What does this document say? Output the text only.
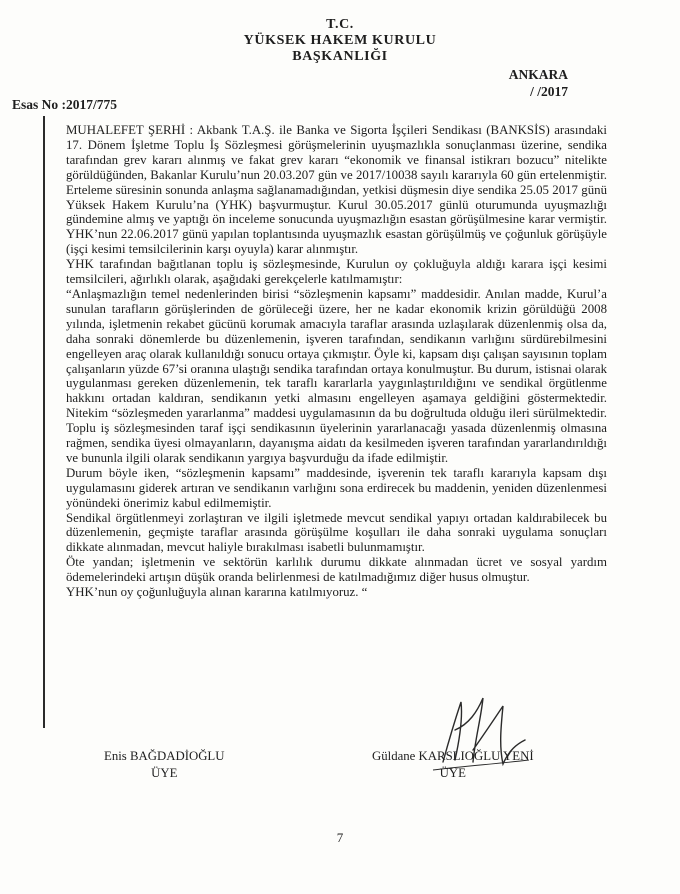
T.C.
YÜKSEK HAKEM KURULU
BAŞKANLIĞI
ANKARA
/ /2017
Esas No :2017/775

MUHALEFET ŞERHİ : Akbank T.A.Ş. ile Banka ve Sigorta İşçileri Sendikası (BANKSİS) arasındaki 17. Dönem İşletme Toplu İş Sözleşmesi görüşmelerinin uyuşmazlıkla sonuçlanması üzerine, sendika tarafından grev kararı alınmış ve fakat grev kararı “ekonomik ve finansal istikrarı bozucu” nitelikte görüldüğünden, Bakanlar Kurulu’nun 20.03.207 gün ve 2017/10038 sayılı kararıyla 60 gün ertelenmiştir. Erteleme süresinin sonunda anlaşma sağlanamadığından, yetkisi düşmesin diye sendika 25.05 2017 günü Yüksek Hakem Kurulu’na (YHK) başvurmuştur. Kurul 30.05.2017 günlü oturumunda uyuşmazlığı gündemine almış ve yaptığı ön inceleme sonucunda uyuşmazlığın esastan görüşülmesine karar vermiştir. YHK’nun 22.06.2017 günü yapılan toplantısında uyuşmazlık esastan görüşülmüş ve çoğunluk görüşüyle (işçi kesimi temsilcilerinin karşı oyuyla) karar alınmıştır.

YHK tarafından bağıtlanan toplu iş sözleşmesinde, Kurulun oy çokluğuyla aldığı karara işçi kesimi temsilcileri, ağırlıklı olarak, aşağıdaki gerekçelerle katılmamıştır:

“Anlaşmazlığın temel nedenlerinden birisi “sözleşmenin kapsamı” maddesidir. Anılan madde, Kurul’a sunulan tarafların görüşlerinden de görüleceği üzere, her ne kadar ekonomik krizin görüldüğü 2008 yılında, işletmenin rekabet gücünü korumak amacıyla taraflar arasında uzlaşılarak düzenlenmiş olsa da, daha sonraki dönemlerde bu düzenlemenin, işveren tarafından, sendikanın varlığını sürdürebilmesini engelleyen araç olarak kullanıldığı sonucu ortaya çıkmıştır. Öyle ki, kapsam dışı çalışan sayısının toplam çalışanların yüzde 67’si oranına ulaştığı sendika tarafından ortaya konulmuştur. Bu durum, istisnai olarak uygulanması gereken düzenlemenin, tek taraflı kararlarla yaygınlaştırıldığını ve sendikal örgütlenme hakkını ortadan kaldıran, sendikanın yetki almasını engelleyen aşamaya geldiğini göstermektedir. Nitekim “sözleşmeden yararlanma” maddesi uygulamasının da bu doğrultuda olduğu ileri sürülmektedir. Toplu iş sözleşmesinden taraf işçi sendikasının üyelerinin yararlanacağı yasada düzenlenmiş olmasına rağmen, sendika üyesi olmayanların, dayanışma aidatı da kesilmeden işveren tarafından yararlandırıldığı ve bununla ilgili olarak sendikanın yargıya başvurduğu da ifade edilmiştir.

Durum böyle iken, “sözleşmenin kapsamı” maddesinde, işverenin tek taraflı kararıyla kapsam dışı uygulamasını giderek artıran ve sendikanın varlığını sona erdirecek bu maddenin, yeniden düzenlenmesi yönündeki önerimiz kabul edilmemiştir.

Sendikal örgütlenmeyi zorlaştıran ve ilgili işletmede mevcut sendikal yapıyı ortadan kaldırabilecek bu düzenlemenin, geçmişte taraflar arasında görüşülme koşulları ile daha sonraki uygulama sonuçları dikkate alınmadan, mevcut haliyle bırakılması isabetli bulunmamıştır.

Öte yandan; işletmenin ve sektörün karlılık durumu dikkate alınmadan ücret ve sosyal yardım ödemelerindeki artışın düşük oranda belirlenmesi de katılmadığımız diğer husus olmuştur.

YHK’nun oy çoğunluğuyla alınan kararına katılmıyoruz. “

Enis BAĞDADİOĞLU
ÜYE
Güldane KARSLIOĞLU YENİ
ÜYE
7
